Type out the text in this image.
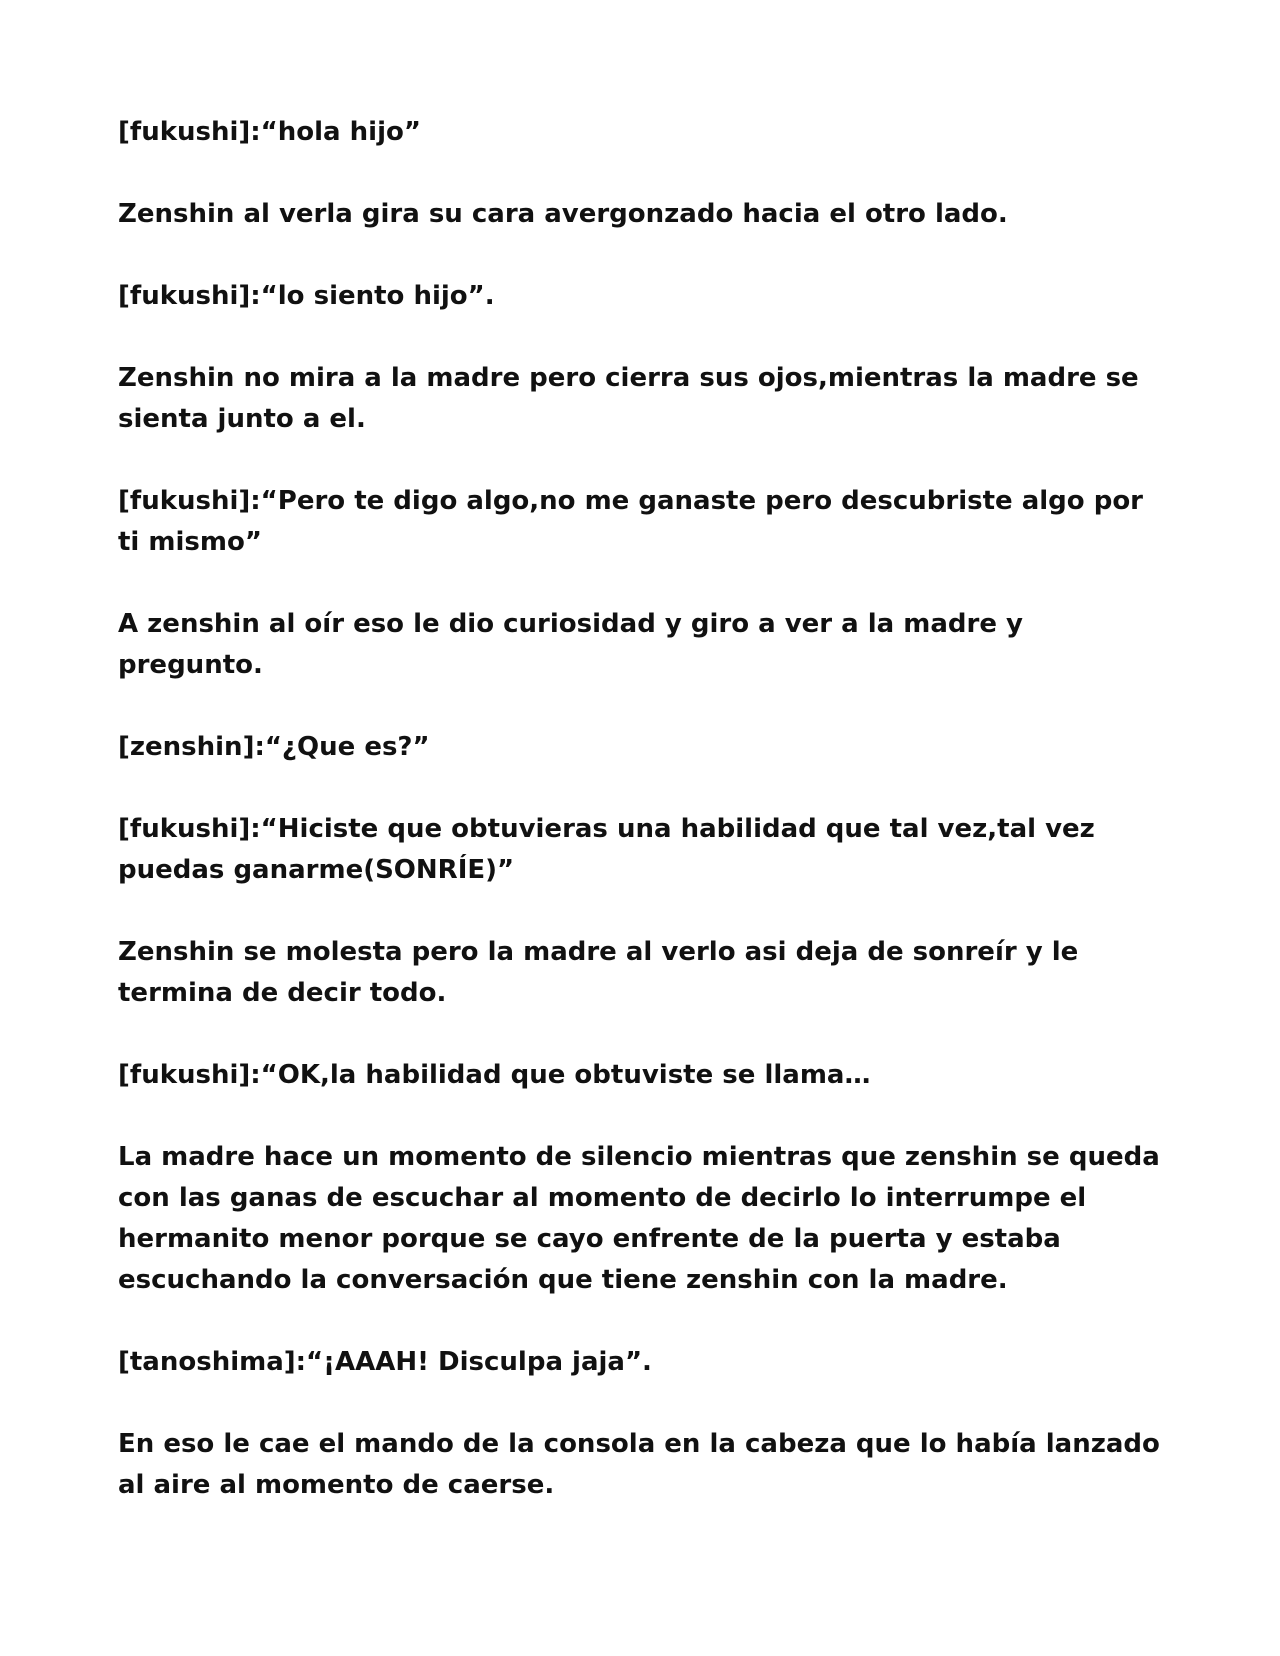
[fukushi]:“hola hijo”

Zenshin al verla gira su cara avergonzado hacia el otro lado.

[fukushi]:“lo siento hijo”.

Zenshin no mira a la madre pero cierra sus ojos,mientras la madre se sienta junto a el.

[fukushi]:“Pero te digo algo,no me ganaste pero descubriste algo por ti mismo”

A zenshin al oír eso le dio curiosidad y giro a ver a la madre y pregunto.

[zenshin]:“¿Que es?”

[fukushi]:“Hiciste que obtuvieras una habilidad que tal vez,tal vez puedas ganarme(SONRÍE)”

Zenshin se molesta pero la madre al verlo asi deja de sonreír y le termina de decir todo.

[fukushi]:“OK,la habilidad que obtuviste se llama…

La madre hace un momento de silencio mientras que zenshin se queda con las ganas de escuchar al momento de decirlo lo interrumpe el hermanito menor porque se cayo enfrente de la puerta y estaba escuchando la conversación que tiene zenshin con la madre.

[tanoshima]:“¡AAAH! Disculpa jaja”.

En eso le cae el mando de la consola en la cabeza que lo había lanzado al aire al momento de caerse.
